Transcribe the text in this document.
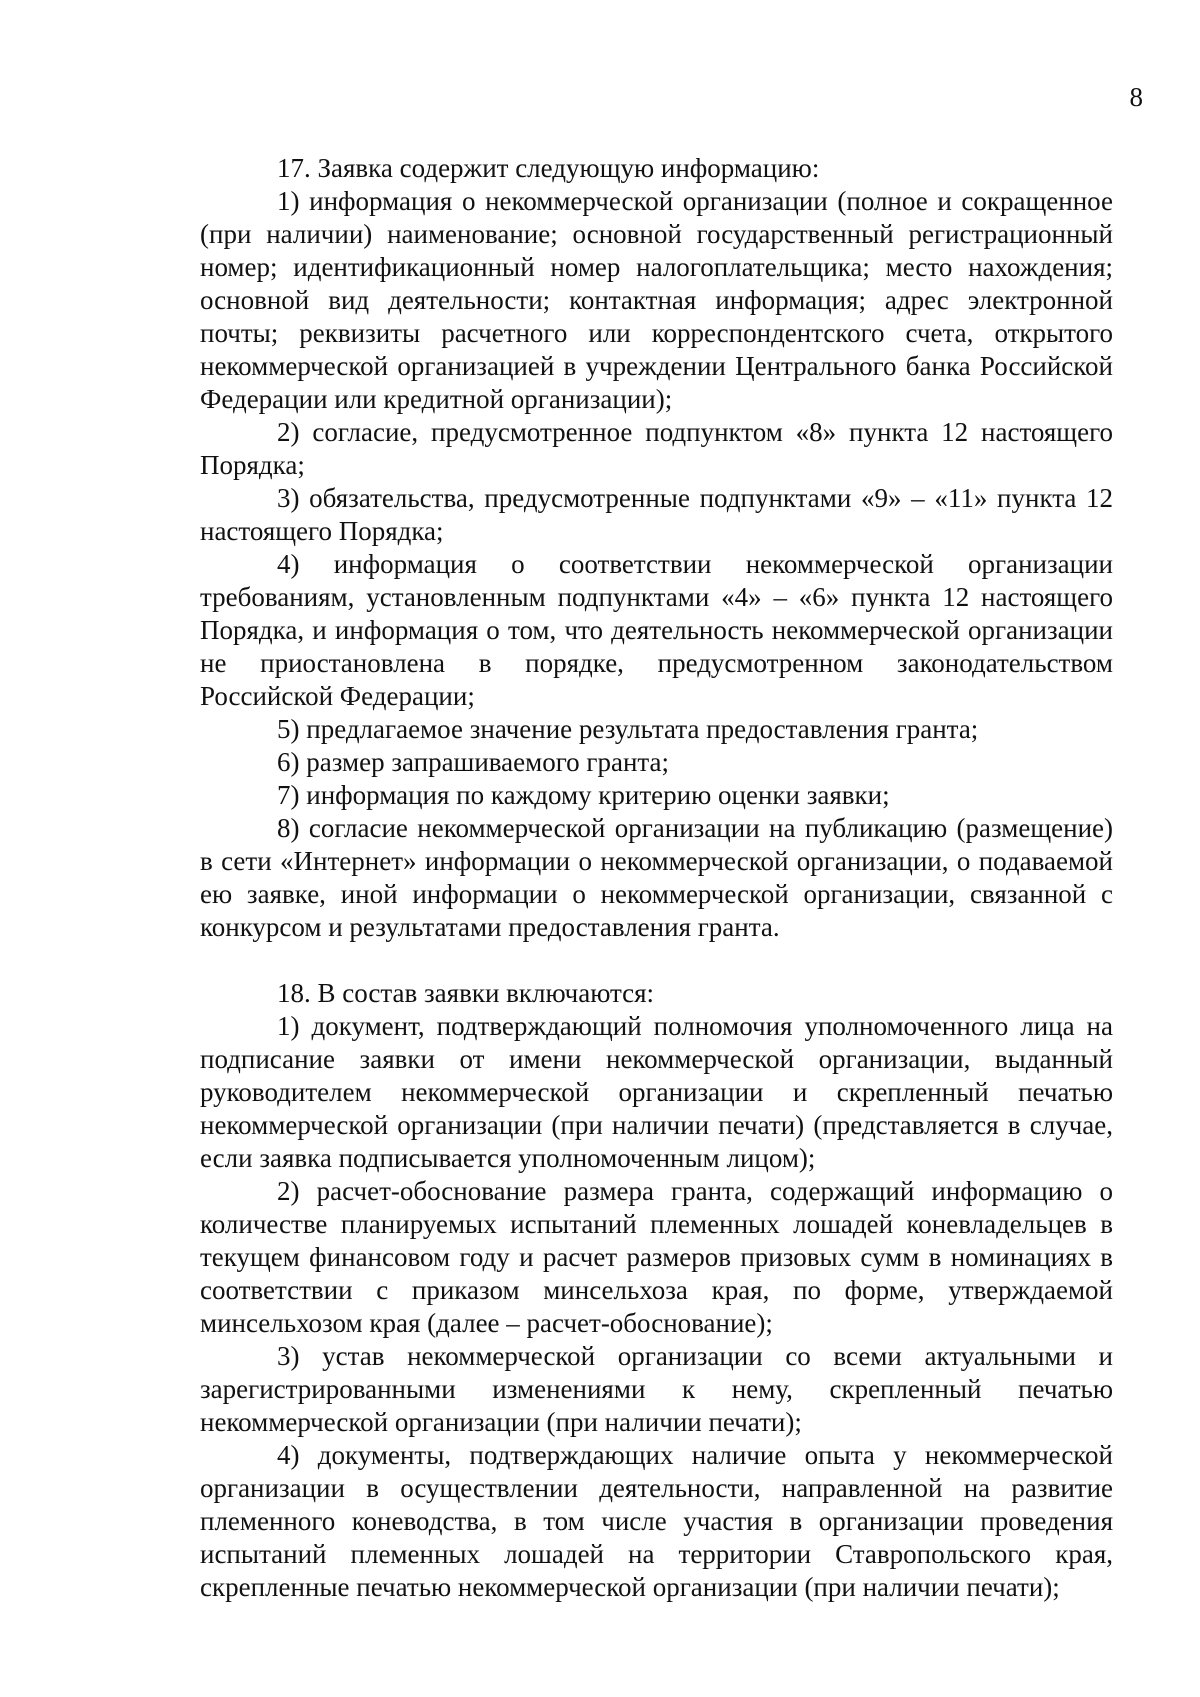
8

17. Заявка содержит следующую информацию:

1) информация о некоммерческой организации (полное и сокращенное (при наличии) наименование; основной государственный регистрационный номер; идентификационный номер налогоплательщика; место нахождения; основной вид деятельности; контактная информация; адрес электронной почты; реквизиты расчетного или корреспондентского счета, открытого некоммерческой организацией в учреждении Центрального банка Российской Федерации или кредитной организации);

2) согласие, предусмотренное подпунктом «8» пункта 12 настоящего Порядка;

3) обязательства, предусмотренные подпунктами «9» – «11» пункта 12 настоящего Порядка;

4) информация о соответствии некоммерческой организации требованиям, установленным подпунктами «4» – «6» пункта 12 настоящего Порядка, и информация о том, что деятельность некоммерческой организации не приостановлена в порядке, предусмотренном законодательством Российской Федерации;

5) предлагаемое значение результата предоставления гранта;

6) размер запрашиваемого гранта;

7) информация по каждому критерию оценки заявки;

8) согласие некоммерческой организации на публикацию (размещение) в сети «Интернет» информации о некоммерческой организации, о подаваемой ею заявке, иной информации о некоммерческой организации, связанной с конкурсом и результатами предоставления гранта.

18. В состав заявки включаются:

1) документ, подтверждающий полномочия уполномоченного лица на подписание заявки от имени некоммерческой организации, выданный руководителем некоммерческой организации и скрепленный печатью некоммерческой организации (при наличии печати) (представляется в случае, если заявка подписывается уполномоченным лицом);

2) расчет-обоснование размера гранта, содержащий информацию о количестве планируемых испытаний племенных лошадей коневладельцев в текущем финансовом году и расчет размеров призовых сумм в номинациях в соответствии с приказом минсельхоза края, по форме, утверждаемой минсельхозом края (далее – расчет-обоснование);

3) устав некоммерческой организации со всеми актуальными и зарегистрированными изменениями к нему, скрепленный печатью некоммерческой организации (при наличии печати);

4) документы, подтверждающих наличие опыта у некоммерческой организации в осуществлении деятельности, направленной на развитие племенного коневодства, в том числе участия в организации проведения испытаний племенных лошадей на территории Ставропольского края, скрепленные печатью некоммерческой организации (при наличии печати);
